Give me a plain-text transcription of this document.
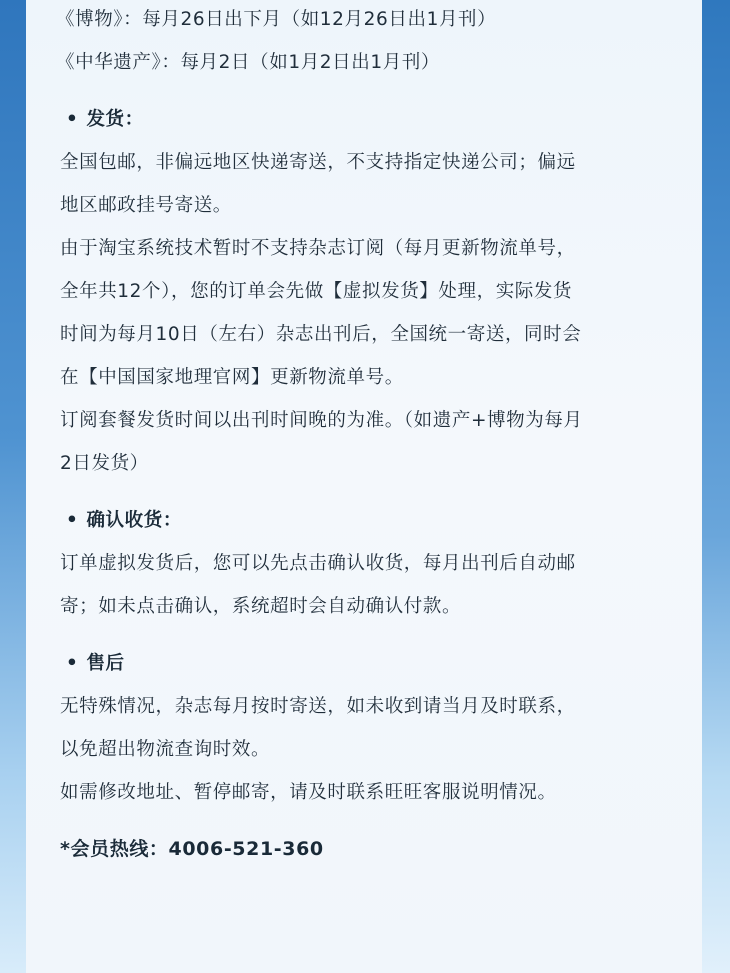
《博物》：每月26日出下月（如12月26日出1月刊）
《中华遗产》：每月2日（如1月2日出1月刊）
• 发货：
全国包邮，非偏远地区快递寄送，不支持指定快递公司；偏远
地区邮政挂号寄送。
由于淘宝系统技术暂时不支持杂志订阅（每月更新物流单号，
全年共12个），您的订单会先做【虚拟发货】处理，实际发货
时间为每月10日（左右）杂志出刊后，全国统一寄送，同时会
在【中国国家地理官网】更新物流单号。
订阅套餐发货时间以出刊时间晚的为准。（如遗产+博物为每月
2日发货）
• 确认收货：
订单虚拟发货后，您可以先点击确认收货，每月出刊后自动邮
寄；如未点击确认，系统超时会自动确认付款。
• 售后
无特殊情况，杂志每月按时寄送，如未收到请当月及时联系，
以免超出物流查询时效。
如需修改地址、暂停邮寄，请及时联系旺旺客服说明情况。
*会员热线：4006-521-360
